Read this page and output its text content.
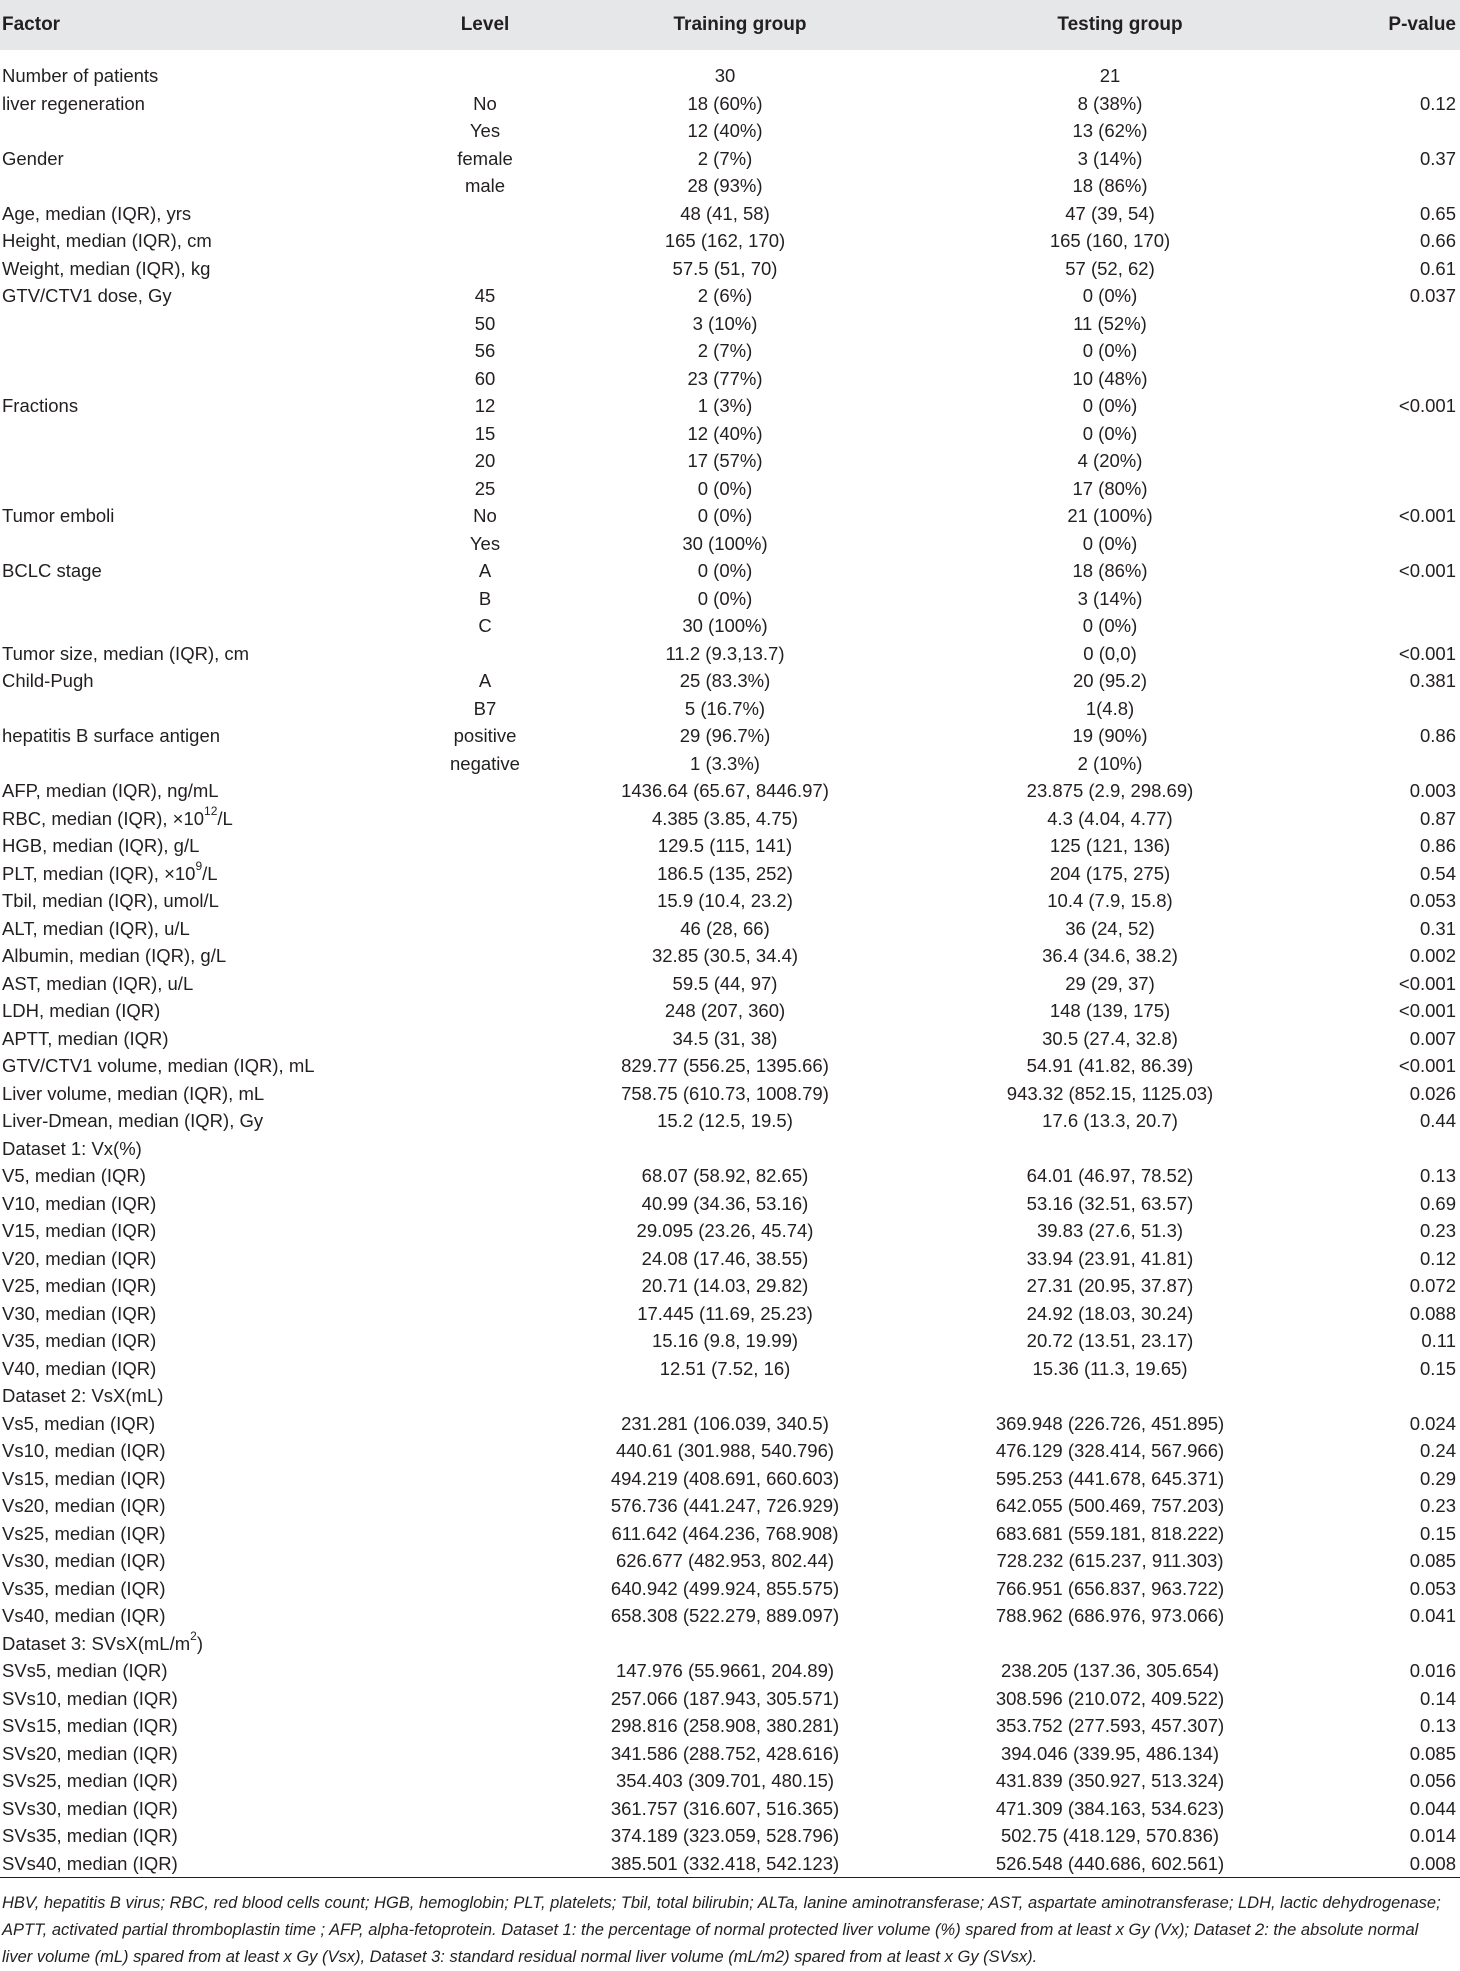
Factor	Level	Training group	Testing group	P-value
Number of patients		30	21	
liver regeneration	No	18 (60%)	8 (38%)	0.12
	Yes	12 (40%)	13 (62%)	
Gender	female	2 (7%)	3 (14%)	0.37
	male	28 (93%)	18 (86%)	
Age, median (IQR), yrs		48 (41, 58)	47 (39, 54)	0.65
Height, median (IQR), cm		165 (162, 170)	165 (160, 170)	0.66
Weight, median (IQR), kg		57.5 (51, 70)	57 (52, 62)	0.61
GTV/CTV1 dose, Gy	45	2 (6%)	0 (0%)	0.037
	50	3 (10%)	11 (52%)	
	56	2 (7%)	0 (0%)	
	60	23 (77%)	10 (48%)	
Fractions	12	1 (3%)	0 (0%)	<0.001
	15	12 (40%)	0 (0%)	
	20	17 (57%)	4 (20%)	
	25	0 (0%)	17 (80%)	
Tumor emboli	No	0 (0%)	21 (100%)	<0.001
	Yes	30 (100%)	0 (0%)	
BCLC stage	A	0 (0%)	18 (86%)	<0.001
	B	0 (0%)	3 (14%)	
	C	30 (100%)	0 (0%)	
Tumor size, median (IQR), cm		11.2 (9.3,13.7)	0 (0,0)	<0.001
Child-Pugh	A	25 (83.3%)	20 (95.2)	0.381
	B7	5 (16.7%)	1(4.8)	
hepatitis B surface antigen	positive	29 (96.7%)	19 (90%)	0.86
	negative	1 (3.3%)	2 (10%)	
AFP, median (IQR), ng/mL		1436.64 (65.67, 8446.97)	23.875 (2.9, 298.69)	0.003
RBC, median (IQR), $\times 10^{12}/L$		4.385 (3.85, 4.75)	4.3 (4.04, 4.77)	0.87
HGB, median (IQR), g/L		129.5 (115, 141)	125 (121, 136)	0.86
PLT, median (IQR), $\times 10^9/L$		186.5 (135, 252)	204 (175, 275)	0.54
Tbil, median (IQR), umol/L		15.9 (10.4, 23.2)	10.4 (7.9, 15.8)	0.053
ALT, median (IQR), u/L		46 (28, 66)	36 (24, 52)	0.31
Albumin, median (IQR), g/L		32.85 (30.5, 34.4)	36.4 (34.6, 38.2)	0.002
AST, median (IQR), u/L		59.5 (44, 97)	29 (29, 37)	<0.001
LDH, median (IQR)		248 (207, 360)	148 (139, 175)	<0.001
APTT, median (IQR)		34.5 (31, 38)	30.5 (27.4, 32.8)	0.007
GTV/CTV1 volume, median (IQR), mL		829.77 (556.25, 1395.66)	54.91 (41.82, 86.39)	<0.001
Liver volume, median (IQR), mL		758.75 (610.73, 1008.79)	943.32 (852.15, 1125.03)	0.026
Liver-Dmean, median (IQR), Gy		15.2 (12.5, 19.5)	17.6 (13.3, 20.7)	0.44
Dataset 1: Vx(%)				
V5, median (IQR)		68.07 (58.92, 82.65)	64.01 (46.97, 78.52)	0.13
V10, median (IQR)		40.99 (34.36, 53.16)	53.16 (32.51, 63.57)	0.69
V15, median (IQR)		29.095 (23.26, 45.74)	39.83 (27.6, 51.3)	0.23
V20, median (IQR)		24.08 (17.46, 38.55)	33.94 (23.91, 41.81)	0.12
V25, median (IQR)		20.71 (14.03, 29.82)	27.31 (20.95, 37.87)	0.072
V30, median (IQR)		17.445 (11.69, 25.23)	24.92 (18.03, 30.24)	0.088
V35, median (IQR)		15.16 (9.8, 19.99)	20.72 (13.51, 23.17)	0.11
V40, median (IQR)		12.51 (7.52, 16)	15.36 (11.3, 19.65)	0.15
Dataset 2: VsX(mL)				
Vs5, median (IQR)		231.281 (106.039, 340.5)	369.948 (226.726, 451.895)	0.024
Vs10, median (IQR)		440.61 (301.988, 540.796)	476.129 (328.414, 567.966)	0.24
Vs15, median (IQR)		494.219 (408.691, 660.603)	595.253 (441.678, 645.371)	0.29
Vs20, median (IQR)		576.736 (441.247, 726.929)	642.055 (500.469, 757.203)	0.23
Vs25, median (IQR)		611.642 (464.236, 768.908)	683.681 (559.181, 818.222)	0.15
Vs30, median (IQR)		626.677 (482.953, 802.44)	728.232 (615.237, 911.303)	0.085
Vs35, median (IQR)		640.942 (499.924, 855.575)	766.951 (656.837, 963.722)	0.053
Vs40, median (IQR)		658.308 (522.279, 889.097)	788.962 (686.976, 973.066)	0.041
Dataset 3: $SVsX(mL/m^2)$				
SVs5, median (IQR)		147.976 (55.9661, 204.89)	238.205 (137.36, 305.654)	0.016
SVs10, median (IQR)		257.066 (187.943, 305.571)	308.596 (210.072, 409.522)	0.14
SVs15, median (IQR)		298.816 (258.908, 380.281)	353.752 (277.593, 457.307)	0.13
SVs20, median (IQR)		341.586 (288.752, 428.616)	394.046 (339.95, 486.134)	0.085
SVs25, median (IQR)		354.403 (309.701, 480.15)	431.839 (350.927, 513.324)	0.056
SVs30, median (IQR)		361.757 (316.607, 516.365)	471.309 (384.163, 534.623)	0.044
SVs35, median (IQR)		374.189 (323.059, 528.796)	502.75 (418.129, 570.836)	0.014
SVs40, median (IQR)		385.501 (332.418, 542.123)	526.548 (440.686, 602.561)	0.008
HBV, hepatitis B virus; RBC, red blood cells count; HGB, hemoglobin; PLT, platelets; Tbil, total bilirubin; ALTa, lanine aminotransferase; AST, aspartate aminotransferase; LDH, lactic dehydrogenase; APTT, activated partial thromboplastin time ; AFP, alpha-fetoprotein. Dataset 1: the percentage of normal protected liver volume (%) spared from at least x Gy (Vx); Dataset 2: the absolute normal liver volume (mL) spared from at least x Gy (Vsx), Dataset 3: standard residual normal liver volume (mL/m2) spared from at least x Gy (SVsx).
